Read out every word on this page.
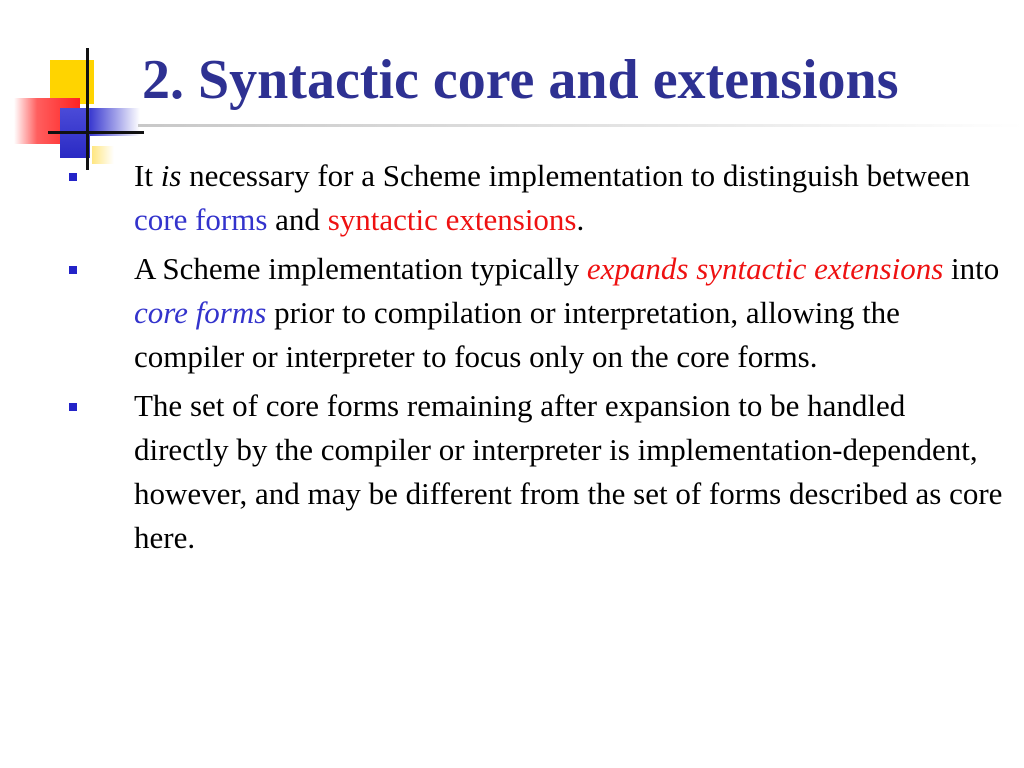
2. Syntactic core and extensions
It is necessary for a Scheme implementation to distinguish between core forms and syntactic extensions.
A Scheme implementation typically expands syntactic extensions into core forms prior to compilation or interpretation, allowing the compiler or interpreter to focus only on the core forms.
The set of core forms remaining after expansion to be handled directly by the compiler or interpreter is implementation-dependent, however, and may be different from the set of forms described as core here.
